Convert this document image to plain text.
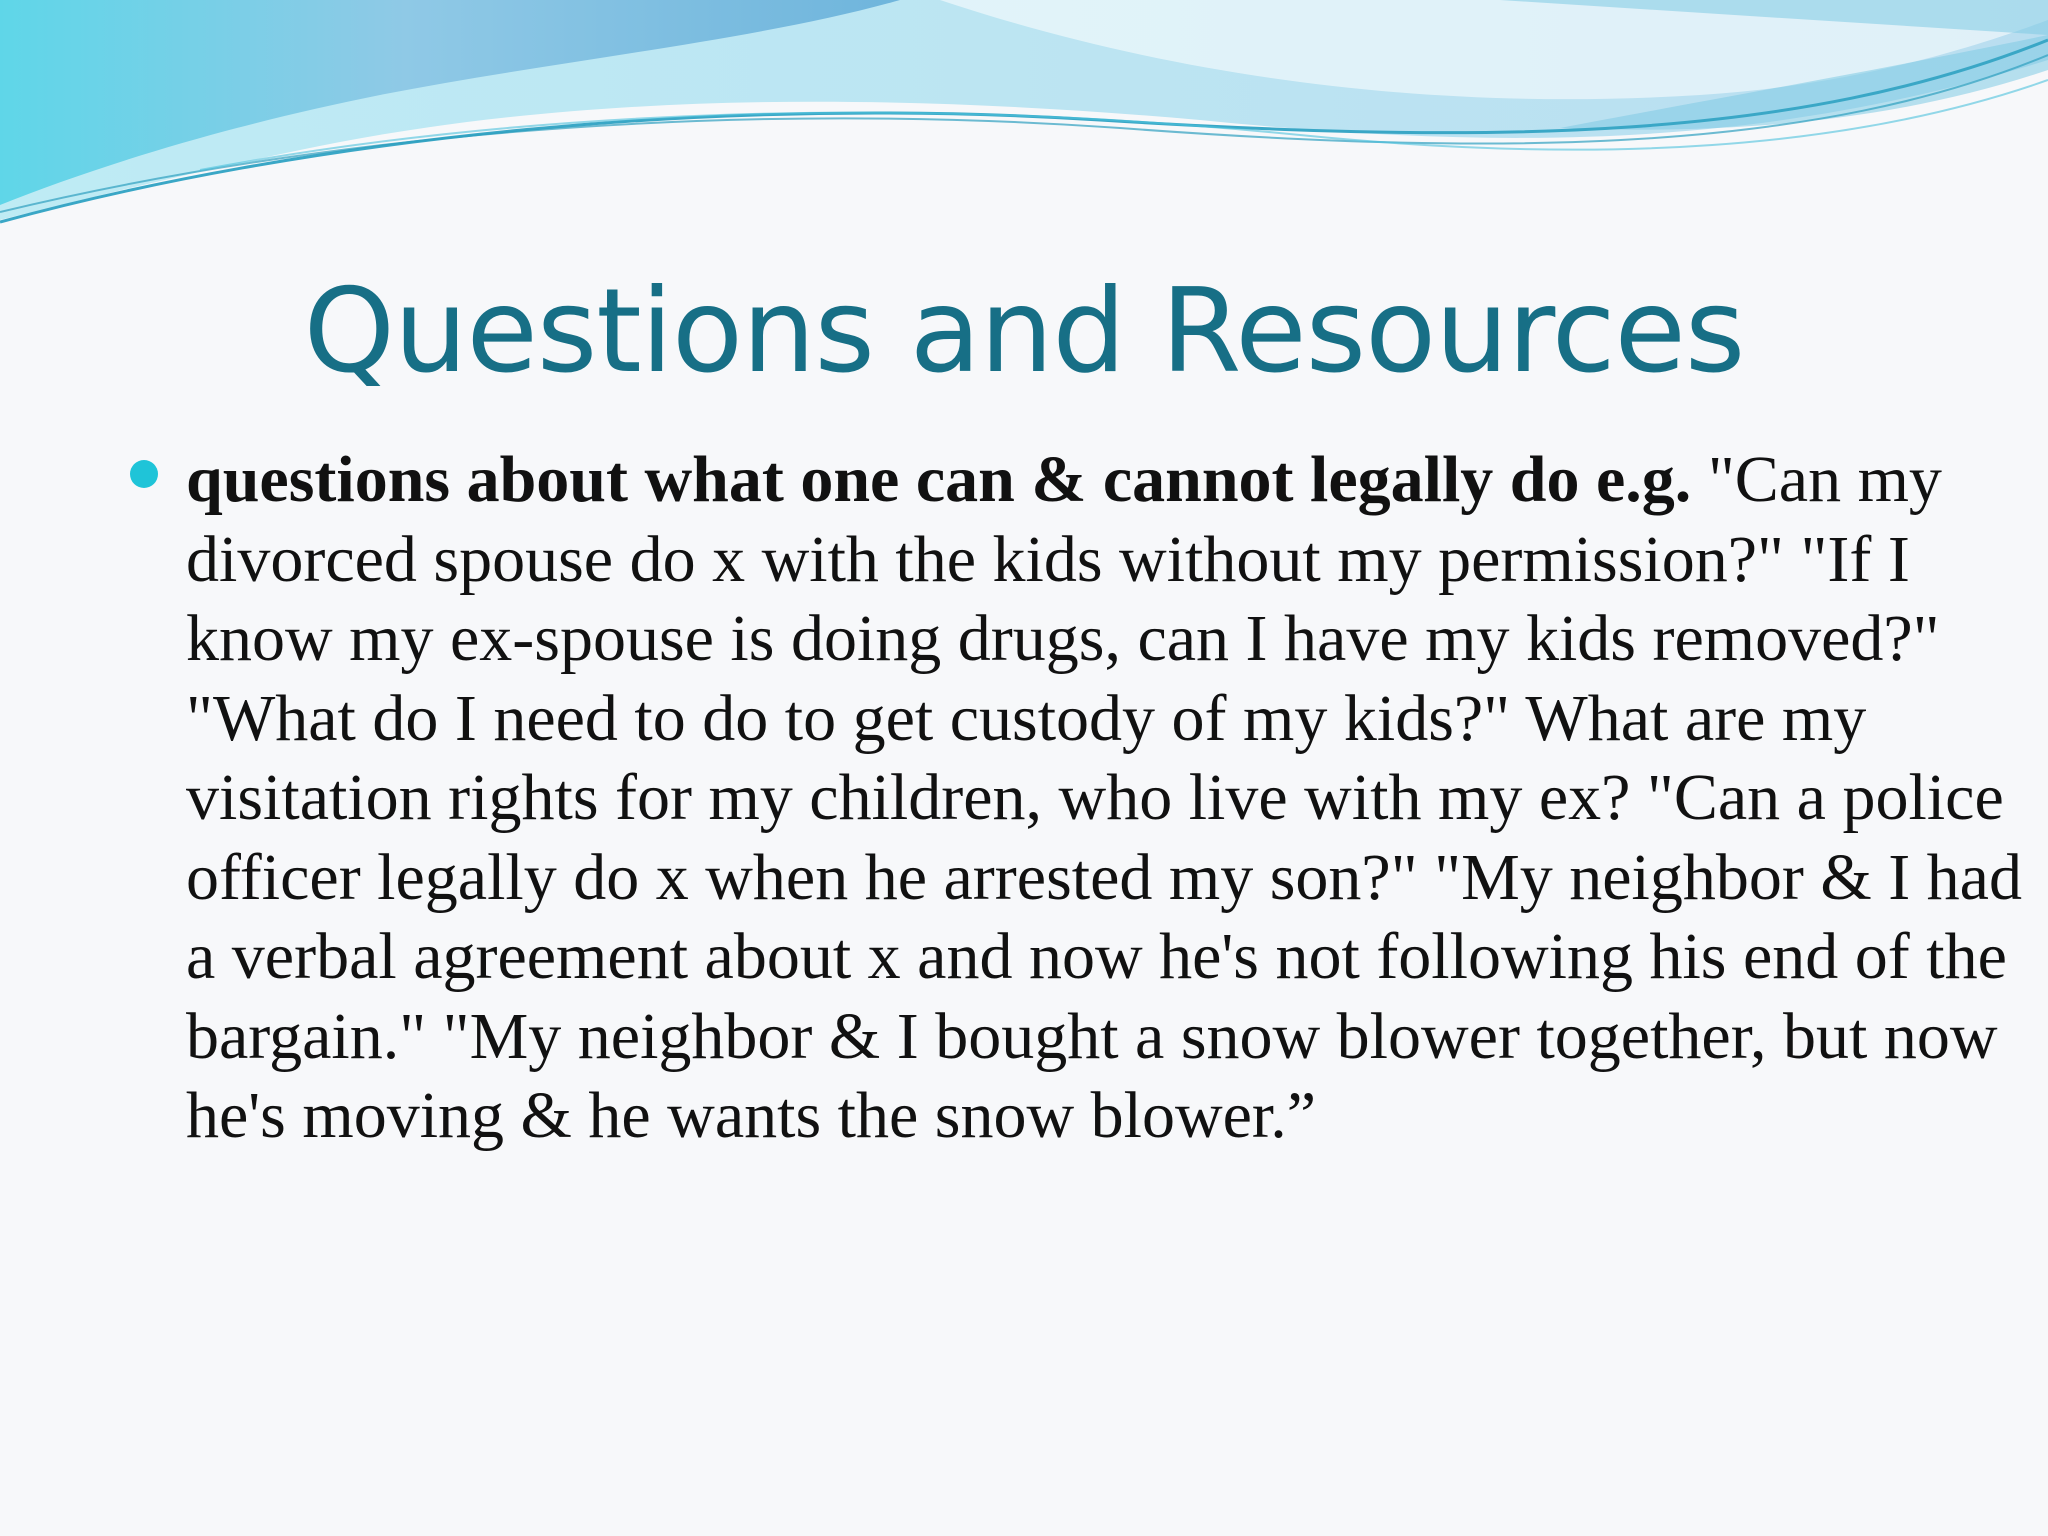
Questions and Resources

questions about what one can & cannot legally do e.g. "Can my divorced spouse do x with the kids without my permission?" "If I know my ex-spouse is doing drugs, can I have my kids removed?" "What do I need to do to get custody of my kids?" What are my visitation rights for my children, who live with my ex? "Can a police officer legally do x when he arrested my son?" "My neighbor & I had a verbal agreement about x and now he's not following his end of the bargain." "My neighbor & I bought a snow blower together, but now he's moving & he wants the snow blower.”
